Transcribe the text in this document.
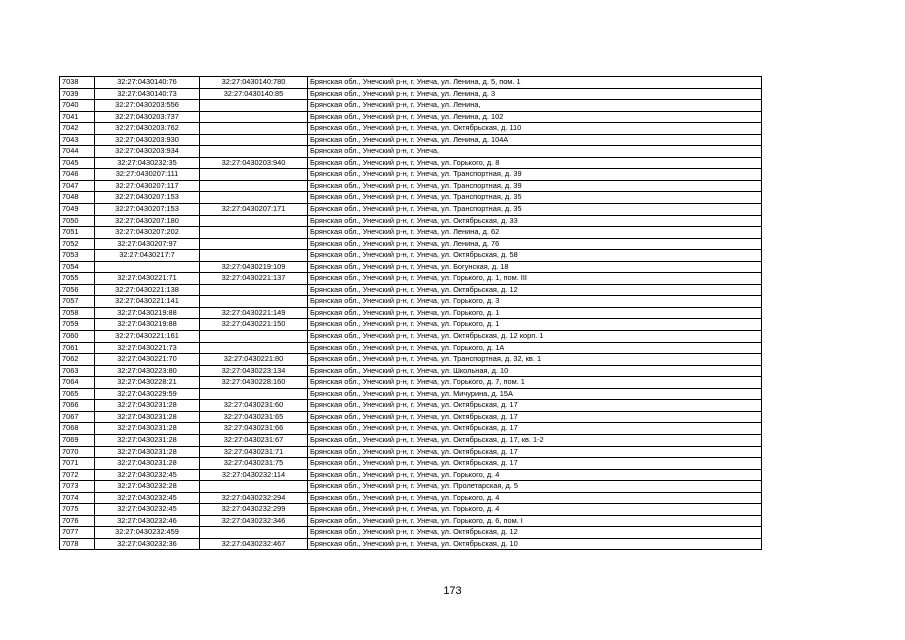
7038	32:27:0430140:76	32:27:0430140:780	Брянская обл., Унечский р-н, г. Унеча, ул. Ленина, д. 5, пом. 1
7039	32:27:0430140:73	32:27:0430140:85	Брянская обл., Унечский р-н, г. Унеча, ул. Ленина, д. 3
7040	32:27:0430203:556		Брянская обл., Унечский р-н, г. Унеча, ул. Ленина,
7041	32:27:0430203:737		Брянская обл., Унечский р-н, г. Унеча, ул. Ленина, д. 102
7042	32:27:0430203:762		Брянская обл., Унечский р-н, г. Унеча, ул. Октябрьская, д. 110
7043	32:27:0430203:930		Брянская обл., Унечский р-н, г. Унеча, ул. Ленина, д. 104А
7044	32:27:0430203:934		Брянская обл., Унечский р-н, г. Унеча,
7045	32:27:0430232:35	32:27:0430203:940	Брянская обл., Унечский р-н, г. Унеча, ул. Горького, д. 8
7046	32:27:0430207:111		Брянская обл., Унечский р-н, г. Унеча, ул. Транспортная, д. 39
7047	32:27:0430207:117		Брянская обл., Унечский р-н, г. Унеча, ул. Транспортная, д. 39
7048	32:27:0430207:153		Брянская обл., Унечский р-н, г. Унеча, ул. Транспортная, д. 35
7049	32:27:0430207:153	32:27:0430207:171	Брянская обл., Унечский р-н, г. Унеча, ул. Транспортная, д. 35
7050	32:27:0430207:180		Брянская обл., Унечский р-н, г. Унеча, ул. Октябрьская, д. 33
7051	32:27:0430207:202		Брянская обл., Унечский р-н, г. Унеча, ул. Ленина, д. 62
7052	32:27:0430207:97		Брянская обл., Унечский р-н, г. Унеча, ул. Ленина, д. 76
7053	32:27:0430217:7		Брянская обл., Унечский р-н, г. Унеча, ул. Октябрьская, д. 58
7054		32:27:0430219:109	Брянская обл., Унечский р-н, г. Унеча, ул. Богунская, д. 18
7055	32:27:0430221:71	32:27:0430221:137	Брянская обл., Унечский р-н, г. Унеча, ул. Горького, д. 1, пом. III
7056	32:27:0430221:138		Брянская обл., Унечский р-н, г. Унеча, ул. Октябрьская, д. 12
7057	32:27:0430221:141		Брянская обл., Унечский р-н, г. Унеча, ул. Горького, д. 3
7058	32:27:0430219:88	32:27:0430221:149	Брянская обл., Унечский р-н, г. Унеча, ул. Горького, д. 1
7059	32:27:0430219:88	32:27:0430221:150	Брянская обл., Унечский р-н, г. Унеча, ул. Горького, д. 1
7060	32:27:0430221:161		Брянская обл., Унечский р-н, г. Унеча, ул. Октябрьская, д. 12 корп. 1
7061	32:27:0430221:73		Брянская обл., Унечский р-н, г. Унеча, ул. Горького, д. 1А
7062	32:27:0430221:70	32:27:0430221:80	Брянская обл., Унечский р-н, г. Унеча, ул. Транспортная, д. 32, кв. 1
7063	32:27:0430223:80	32:27:0430223:134	Брянская обл., Унечский р-н, г. Унеча, ул. Школьная, д. 10
7064	32:27:0430228:21	32:27:0430228:160	Брянская обл., Унечский р-н, г. Унеча, ул. Горького, д. 7, пом. 1
7065	32:27:0430229:59		Брянская обл., Унечский р-н, г. Унеча, ул. Мичурина, д. 15А
7066	32:27:0430231:28	32:27:0430231:60	Брянская обл., Унечский р-н, г. Унеча, ул. Октябрьская, д. 17
7067	32:27:0430231:28	32:27:0430231:65	Брянская обл., Унечский р-н, г. Унеча, ул. Октябрьская, д. 17
7068	32:27:0430231:28	32:27:0430231:66	Брянская обл., Унечский р-н, г. Унеча, ул. Октябрьская, д. 17
7069	32:27:0430231:28	32:27:0430231:67	Брянская обл., Унечский р-н, г. Унеча, ул. Октябрьская, д. 17, кв. 1-2
7070	32:27:0430231:28	32:27:0430231:71	Брянская обл., Унечский р-н, г. Унеча, ул. Октябрьская, д. 17
7071	32:27:0430231:28	32:27:0430231:75	Брянская обл., Унечский р-н, г. Унеча, ул. Октябрьская, д. 17
7072	32:27:0430232:45	32:27:0430232:114	Брянская обл., Унечский р-н, г. Унеча, ул. Горького, д. 4
7073	32:27:0430232:28		Брянская обл., Унечский р-н, г. Унеча, ул. Пролетарская, д. 5
7074	32:27:0430232:45	32:27:0430232:294	Брянская обл., Унечский р-н, г. Унеча, ул. Горького, д. 4
7075	32:27:0430232:45	32:27:0430232:299	Брянская обл., Унечский р-н, г. Унеча, ул. Горького, д. 4
7076	32:27:0430232:46	32:27:0430232:346	Брянская обл., Унечский р-н, г. Унеча, ул. Горького, д. 6, пом. I
7077	32:27:0430232:459		Брянская обл., Унечский р-н, г. Унеча, ул. Октябрьская, д. 12
7078	32:27:0430232:36	32:27:0430232:467	Брянская обл., Унечский р-н, г. Унеча, ул. Октябрьская, д. 10
173
